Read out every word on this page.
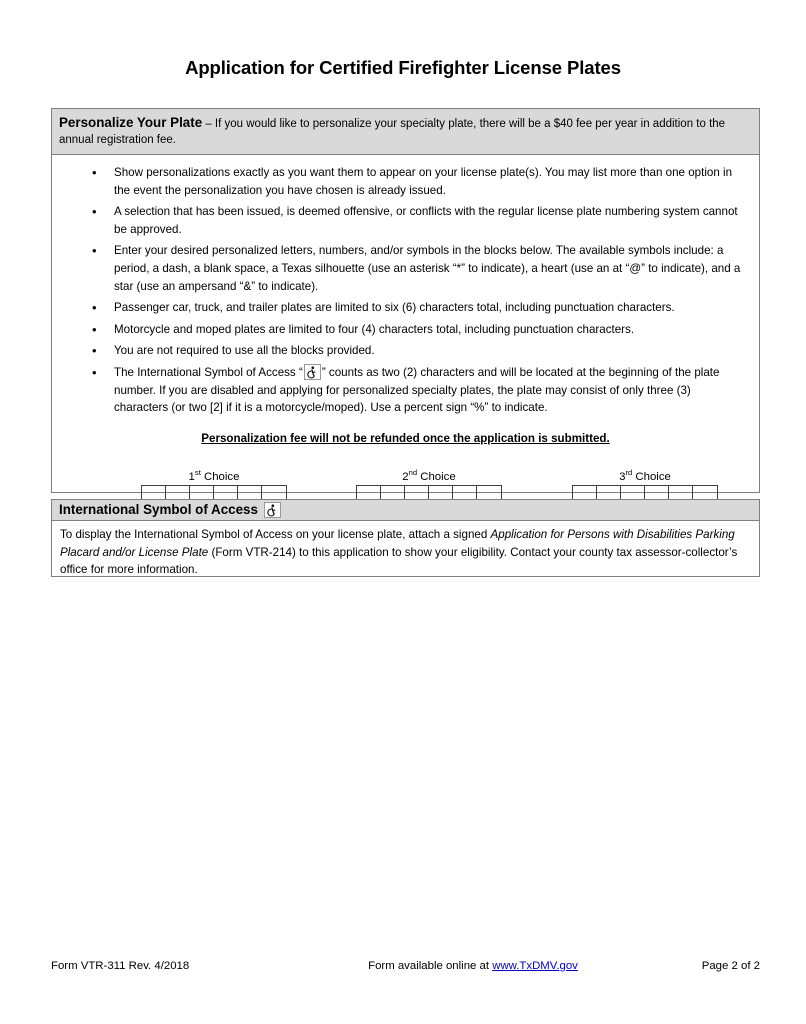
Application for Certified Firefighter License Plates
Personalize Your Plate – If you would like to personalize your specialty plate, there will be a $40 fee per year in addition to the annual registration fee.
• Show personalizations exactly as you want them to appear on your license plate(s). You may list more than one option in the event the personalization you have chosen is already issued.
• A selection that has been issued, is deemed offensive, or conflicts with the regular license plate numbering system cannot be approved.
• Enter your desired personalized letters, numbers, and/or symbols in the blocks below. The available symbols include: a period, a dash, a blank space, a Texas silhouette (use an asterisk “*” to indicate), a heart (use an at “@” to indicate), and a star (use an ampersand “&” to indicate).
• Passenger car, truck, and trailer plates are limited to six (6) characters total, including punctuation characters.
• Motorcycle and moped plates are limited to four (4) characters total, including punctuation characters.
• You are not required to use all the blocks provided.
• The International Symbol of Access “ ” counts as two (2) characters and will be located at the beginning of the plate number. If you are disabled and applying for personalized specialty plates, the plate may consist of only three (3) characters (or two [2] if it is a motorcycle/moped). Use a percent sign “%” to indicate.
Personalization fee will not be refunded once the application is submitted.
1st Choice	2nd Choice	3rd Choice
International Symbol of Access
To display the International Symbol of Access on your license plate, attach a signed Application for Persons with Disabilities Parking Placard and/or License Plate (Form VTR-214) to this application to show your eligibility. Contact your county tax assessor-collector’s office for more information.
Form VTR-311 Rev. 4/2018	Form available online at www.TxDMV.gov	Page 2 of 2
